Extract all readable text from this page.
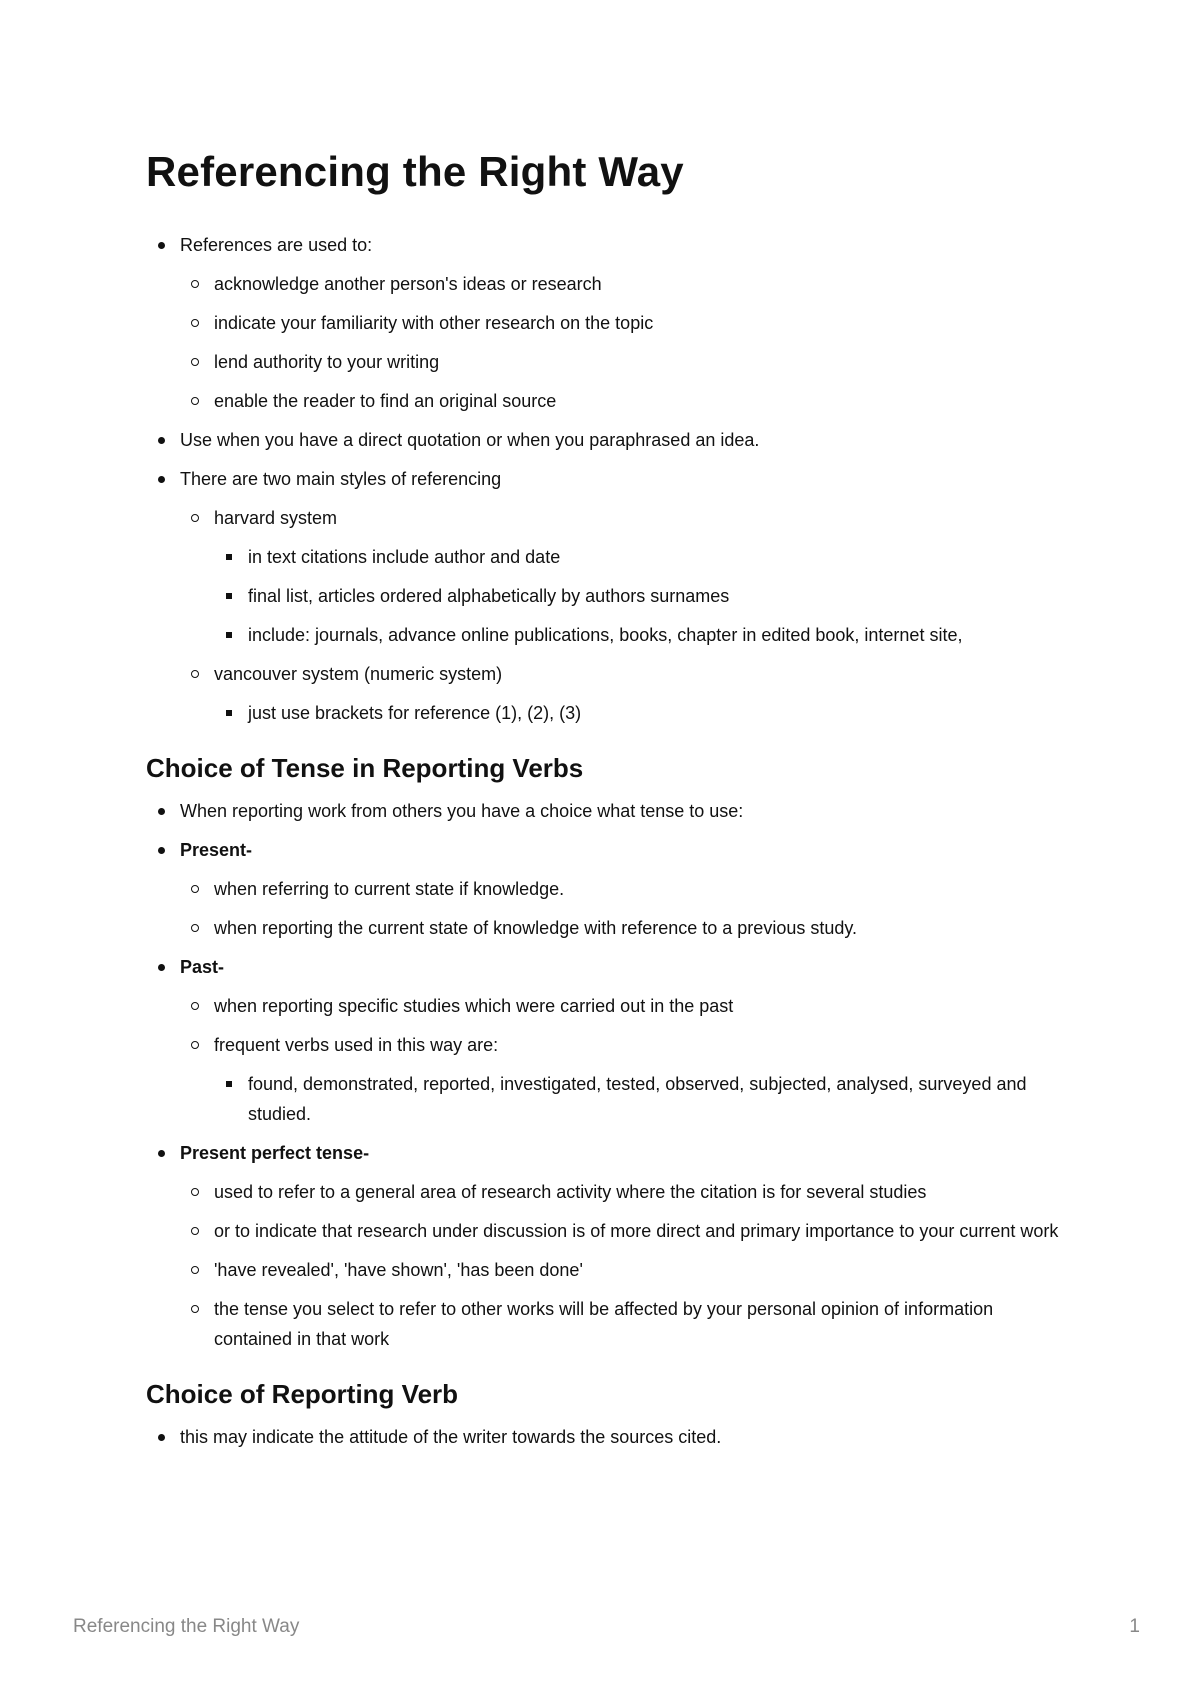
Referencing the Right Way
References are used to:
acknowledge another person's ideas or research
indicate your familiarity with other research on the topic
lend authority to your writing
enable the reader to find an original source
Use when you have a direct quotation or when you paraphrased an idea.
There are two main styles of referencing
harvard system
in text citations include author and date
final list, articles ordered alphabetically by authors surnames
include: journals, advance online publications, books, chapter in edited book, internet site,
vancouver system (numeric system)
just use brackets for reference (1), (2), (3)
Choice of Tense in Reporting Verbs
When reporting work from others you have a choice what tense to use:
Present-
when referring to current state if knowledge.
when reporting the current state of knowledge with reference to a previous study.
Past-
when reporting specific studies which were carried out in the past
frequent verbs used in this way are:
found, demonstrated, reported, investigated, tested, observed, subjected, analysed, surveyed and studied.
Present perfect tense-
used to refer to a general area of research activity where the citation is for several studies
or to indicate that research under discussion is of more direct and primary importance to your current work
'have revealed', 'have shown', 'has been done'
the tense you select to refer to other works will be affected by your personal opinion of information contained in that work
Choice of Reporting Verb
this may indicate the attitude of the writer towards the sources cited.
Referencing the Right Way	1
